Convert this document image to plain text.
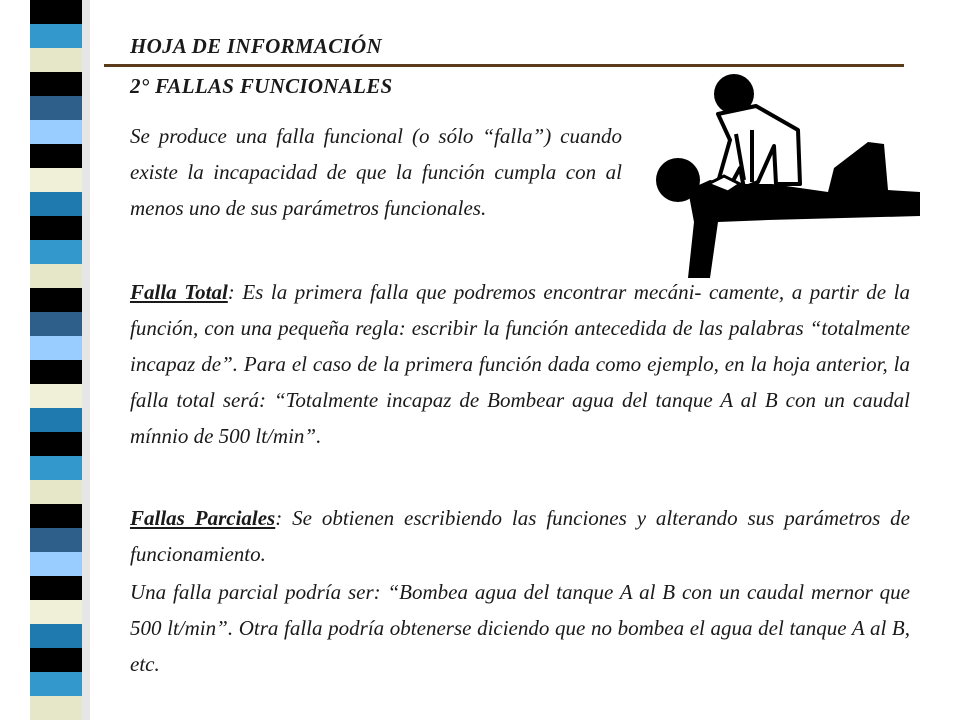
HOJA DE INFORMACIÓN
2° FALLAS FUNCIONALES

Se produce una falla funcional (o sólo “falla”) cuando existe la incapacidad de que la función cumpla con al menos uno de sus parámetros funcionales.

Falla Total: Es la primera falla que podremos encontrar mecáni- camente, a partir de la función, con una pequeña regla: escribir la función antecedida de las palabras “totalmente incapaz de”. Para el caso de la primera función dada como ejemplo, en la hoja anterior, la falla total será: “Totalmente incapaz de Bombear agua del tanque A al B con un caudal mínnio de 500 lt/min”.

Fallas Parciales: Se obtienen escribiendo las funciones y alterando sus parámetros de funcionamiento.

Una falla parcial podría ser: “Bombea agua del tanque A al B con un caudal mernor que 500 lt/min”. Otra falla podría obtenerse diciendo que no bombea el agua del tanque A al B, etc.
